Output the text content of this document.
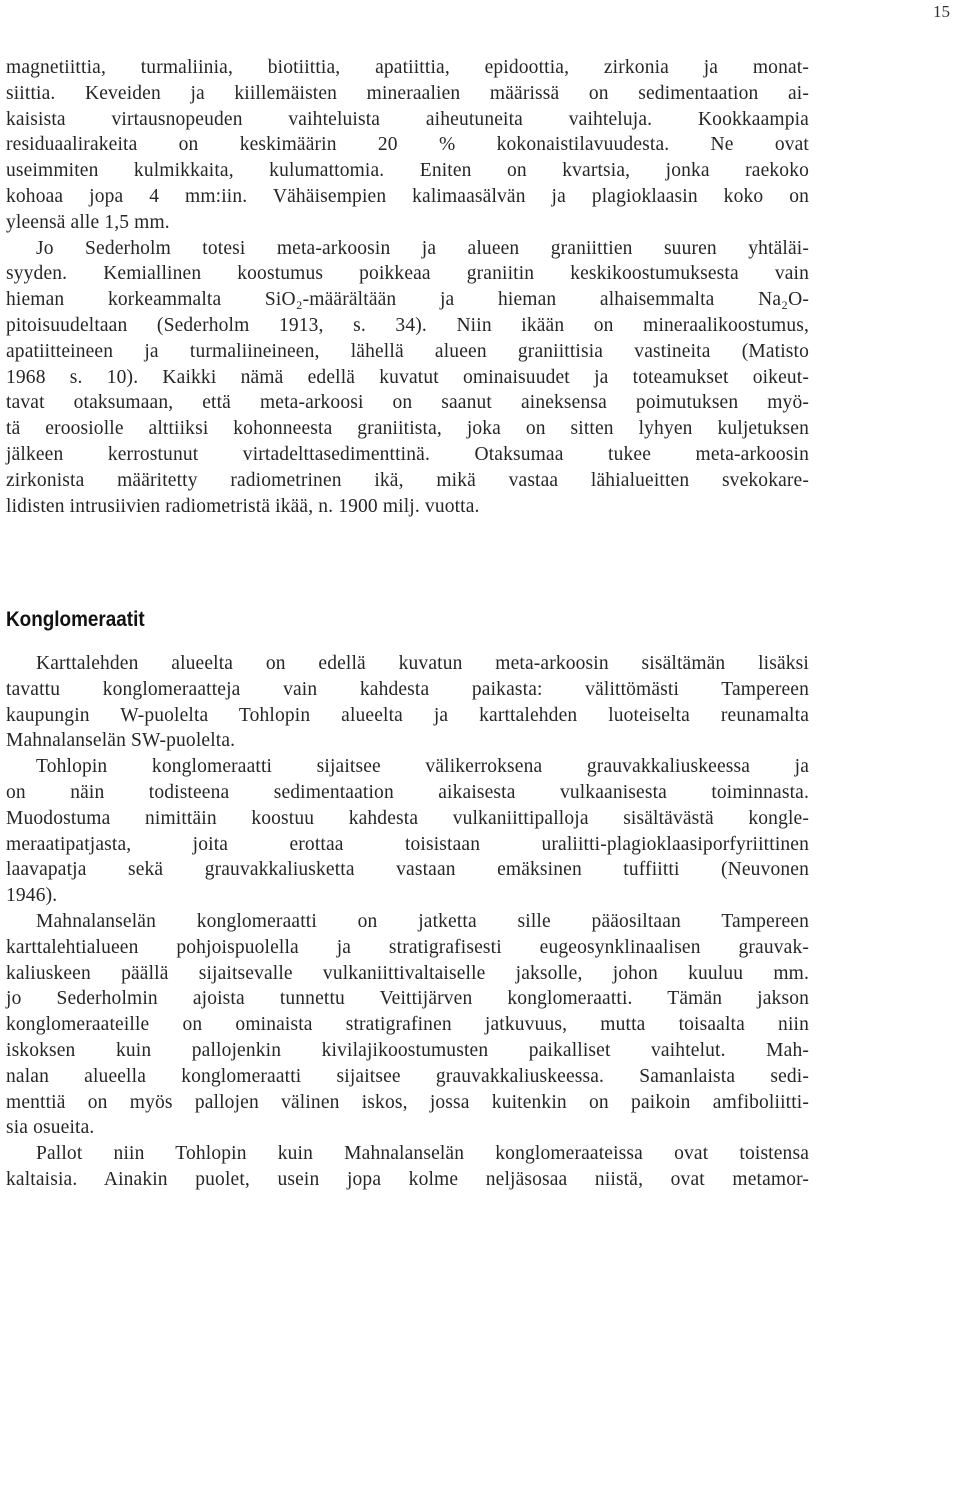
15

magnetiittia, turmaliinia, biotiittia, apatiittia, epidoottia, zirkonia ja monat-
siittia. Keveiden ja kiillemäisten mineraalien määrissä on sedimentaation ai-
kaisista virtausnopeuden vaihteluista aiheutuneita vaihteluja. Kookkaampia
residuaalirakeita on keskimäärin 20 % kokonaistilavuudesta. Ne ovat
useimmiten kulmikkaita, kulumattomia. Eniten on kvartsia, jonka raekoko
kohoaa jopa 4 mm:iin. Vähäisempien kalimaasälvän ja plagioklaasin koko on
yleensä alle 1,5 mm.

Jo Sederholm totesi meta-arkoosin ja alueen graniittien suuren yhtäläi-
syyden. Kemiallinen koostumus poikkeaa graniitin keskikoostumuksesta vain
hieman korkeammalta SiO₂-määrältään ja hieman alhaisemmalta Na₂O-
pitoisuudeltaan (Sederholm 1913, s. 34). Niin ikään on mineraalikoostumus,
apatiitteineen ja turmaliineineen, lähellä alueen graniittisia vastineita (Matisto
1968 s. 10). Kaikki nämä edellä kuvatut ominaisuudet ja toteamukset oikeut-
tavat otaksumaan, että meta-arkoosi on saanut aineksensa poimutuksen myö-
tä eroosiolle alttiiksi kohonneesta graniitista, joka on sitten lyhyen kuljetuksen
jälkeen kerrostunut virtadelttasedimenttinä. Otaksumaa tukee meta-arkoosin
zirkonista määritetty radiometrinen ikä, mikä vastaa lähialueitten svekokare-
lidisten intrusiivien radiometristä ikää, n. 1900 milj. vuotta.

Konglomeraatit

Karttalehden alueelta on edellä kuvatun meta-arkoosin sisältämän lisäksi
tavattu konglomeraatteja vain kahdesta paikasta: välittömästi Tampereen
kaupungin W-puolelta Tohlopin alueelta ja karttalehden luoteiselta reunamalta
Mahnalanselän SW-puolelta.

Tohlopin konglomeraatti sijaitsee välikerroksena grauvakkaliuskeessa ja
on näin todisteena sedimentaation aikaisesta vulkaanisesta toiminnasta.
Muodostuma nimittäin koostuu kahdesta vulkaniittipalloja sisältävästä kongle-
meraatipatjasta, joita erottaa toisistaan uraliitti-plagioklaasiporfyriittinen
laavapatja sekä grauvakkaliusketta vastaan emäksinen tuffiitti (Neuvonen
1946).

Mahnalanselän konglomeraatti on jatketta sille pääosiltaan Tampereen
karttalehtialueen pohjoispuolella ja stratigrafisesti eugeosynklinaalisen grauvak-
kaliuskeen päällä sijaitsevalle vulkaniittivaltaiselle jaksolle, johon kuuluu mm.
jo Sederholmin ajoista tunnettu Veittijärven konglomeraatti. Tämän jakson
konglomeraateille on ominaista stratigrafinen jatkuvuus, mutta toisaalta niin
iskoksen kuin pallojenkin kivilajikoostumusten paikalliset vaihtelut. Mah-
nalan alueella konglomeraatti sijaitsee grauvakkaliuskeessa. Samanlaista sedi-
menttiä on myös pallojen välinen iskos, jossa kuitenkin on paikoin amfiboliitti-
sia osueita.

Pallot niin Tohlopin kuin Mahnalanselän konglomeraateissa ovat toistensa
kaltaisia. Ainakin puolet, usein jopa kolme neljäsosaa niistä, ovat metamor-
